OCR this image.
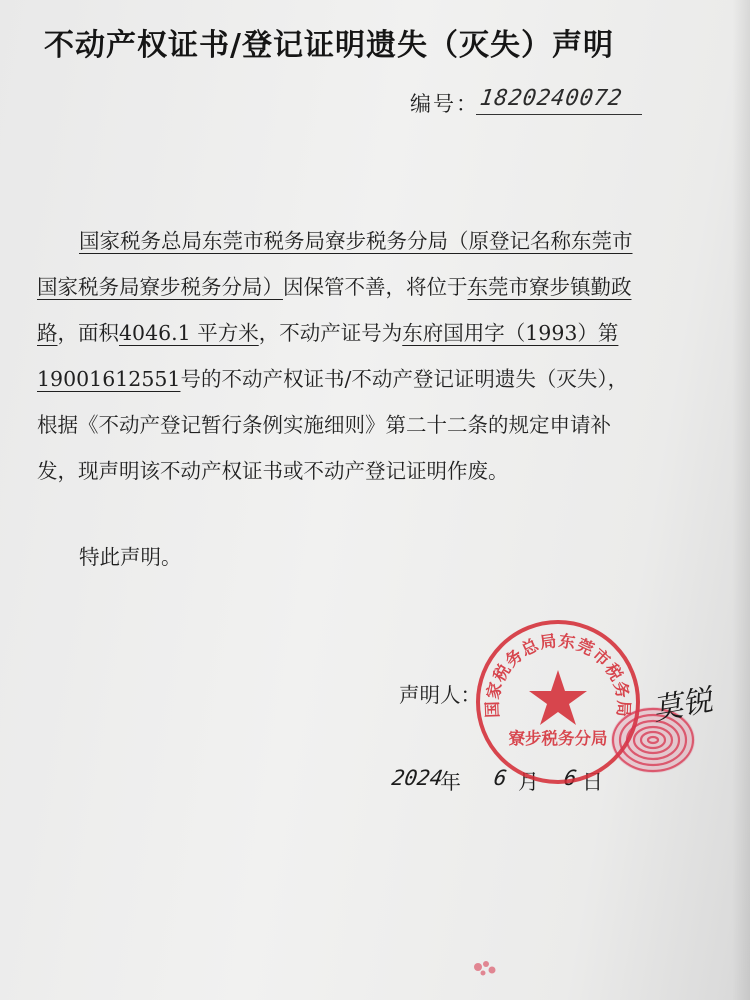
不动产权证书/登记证明遗失（灭失）声明
编号： 1820240072

国家税务总局东莞市税务局寮步税务分局（原登记名称东莞市国家税务局寮步税务分局）因保管不善，将位于东莞市寮步镇勤政路，面积4046.1 平方米，不动产证号为东府国用字（1993）第 19001612551号的不动产权证书/不动产登记证明遗失（灭失），根据《不动产登记暂行条例实施细则》第二十二条的规定申请补发，现声明该不动产权证书或不动产登记证明作废。

特此声明。
声明人：
2024
年 6 月 6 日
国家税务总局东莞市税务局
寮步税务分局
莫锐
